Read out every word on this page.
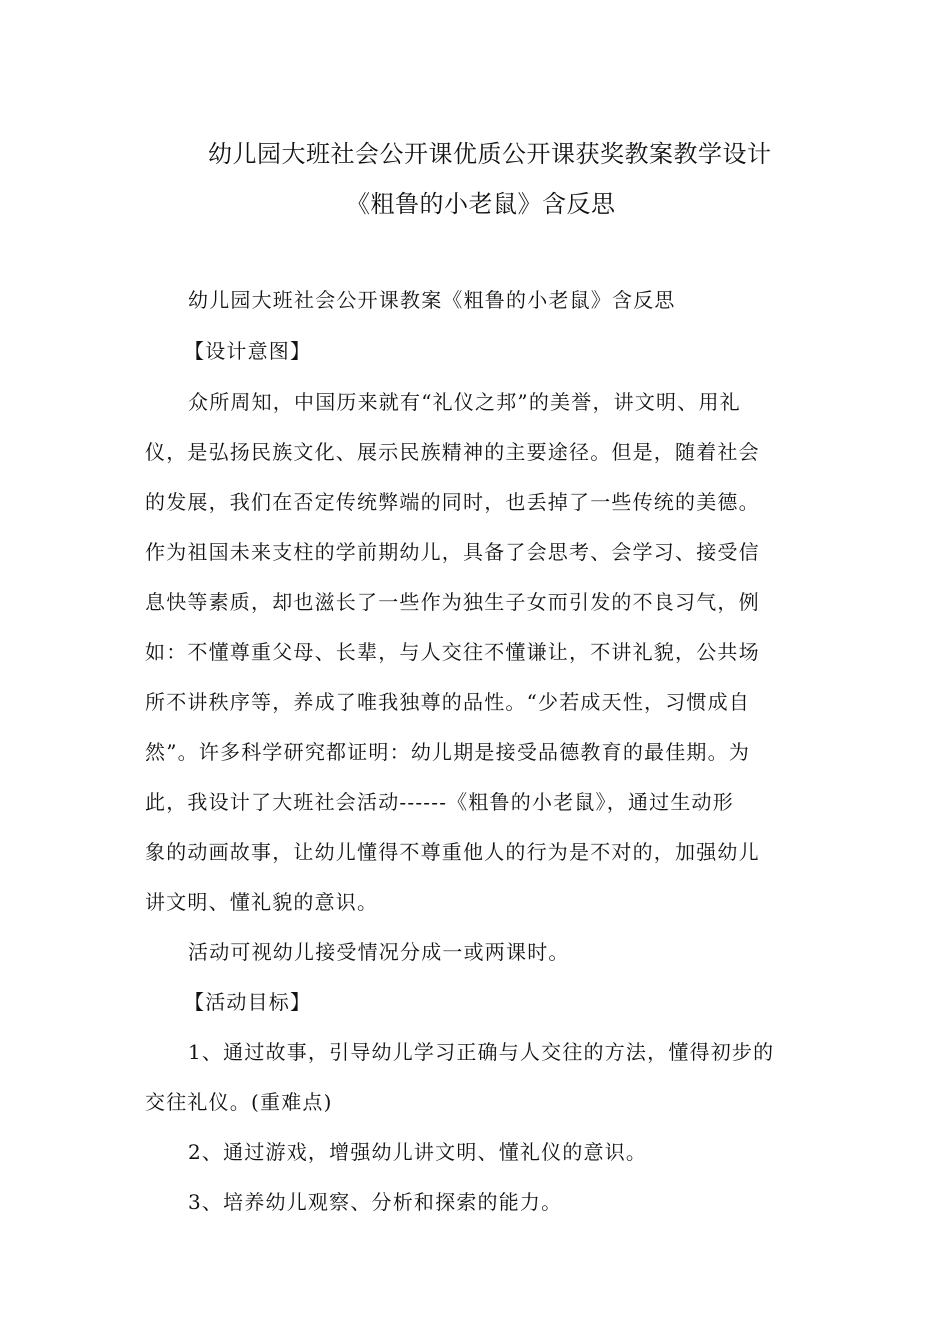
幼儿园大班社会公开课优质公开课获奖教案教学设计
《粗鲁的小老鼠》含反思
幼儿园大班社会公开课教案《粗鲁的小老鼠》含反思
【设计意图】
众所周知，中国历来就有“礼仪之邦”的美誉，讲文明、用礼
仪，是弘扬民族文化、展示民族精神的主要途径。但是，随着社会
的发展，我们在否定传统弊端的同时，也丢掉了一些传统的美德。
作为祖国未来支柱的学前期幼儿，具备了会思考、会学习、接受信
息快等素质，却也滋长了一些作为独生子女而引发的不良习气，例
如：不懂尊重父母、长辈，与人交往不懂谦让，不讲礼貌，公共场
所不讲秩序等，养成了唯我独尊的品性。“少若成天性，习惯成自
然”。许多科学研究都证明：幼儿期是接受品德教育的最佳期。为
此，我设计了大班社会活动------《粗鲁的小老鼠》，通过生动形
象的动画故事，让幼儿懂得不尊重他人的行为是不对的，加强幼儿
讲文明、懂礼貌的意识。
活动可视幼儿接受情况分成一或两课时。
【活动目标】
1、通过故事，引导幼儿学习正确与人交往的方法，懂得初步的
交往礼仪。(重难点)
2、通过游戏，增强幼儿讲文明、懂礼仪的意识。
3、培养幼儿观察、分析和探索的能力。
